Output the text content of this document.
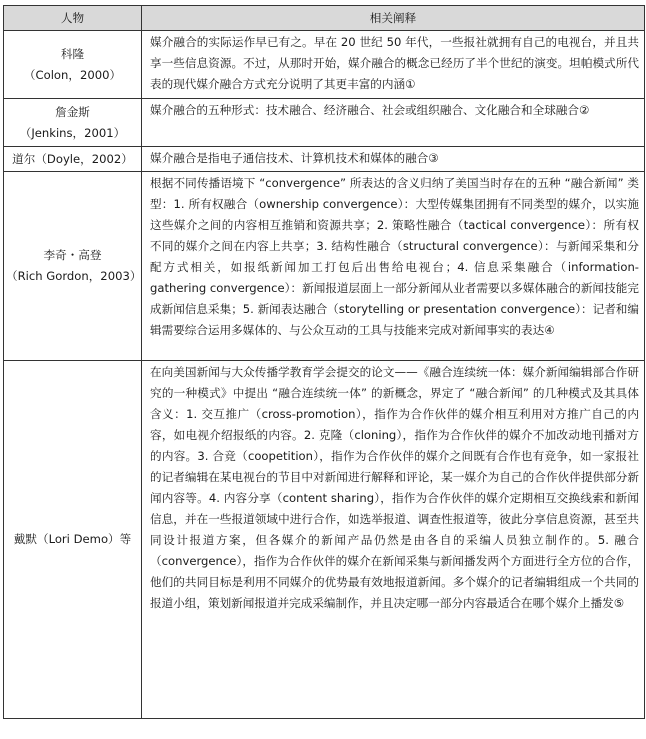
人物	相关阐释

科隆
（Colon，2000）	媒介融合的实际运作早已有之。早在 20 世纪 50 年代，一些报社就拥有自己的电视台，并且共享一些信息资源。不过，从那时开始，媒介融合的概念已经历了半个世纪的演变。坦帕模式所代表的现代媒介融合方式充分说明了其更丰富的内涵①

詹金斯
（Jenkins，2001）	媒介融合的五种形式：技术融合、经济融合、社会或组织融合、文化融合和全球融合②
道尔（Doyle，2002）	媒介融合是指电子通信技术、计算机技术和媒体的融合③

李奇・高登
（Rich Gordon，2003）	根据不同传播语境下 “convergence” 所表达的含义归纳了美国当时存在的五种 “融合新闻” 类型：1. 所有权融合（ownership convergence）：大型传媒集团拥有不同类型的媒介，以实施这些媒介之间的内容相互推销和资源共享；2. 策略性融合（tactical convergence）：所有权不同的媒介之间在内容上共享；3. 结构性融合（structural convergence）：与新闻采集和分配方式相关，如报纸新闻加工打包后出售给电视台；4. 信息采集融合（information-gathering convergence）：新闻报道层面上一部分新闻从业者需要以多媒体融合的新闻技能完成新闻信息采集；5. 新闻表达融合（storytelling or presentation convergence）：记者和编辑需要综合运用多媒体的、与公众互动的工具与技能来完成对新闻事实的表达④
戴默（Lori Demo）等	在向美国新闻与大众传播学教育学会提交的论文——《融合连续统一体：媒介新闻编辑部合作研究的一种模式》中提出 “融合连续统一体” 的新概念，界定了 “融合新闻” 的几种模式及其具体含义：1. 交互推广（cross-promotion），指作为合作伙伴的媒介相互利用对方推广自己的内容，如电视介绍报纸的内容。2. 克隆（cloning），指作为合作伙伴的媒介不加改动地刊播对方的内容。3. 合竞（coopetition），指作为合作伙伴的媒介之间既有合作也有竞争，如一家报社的记者编辑在某电视台的节目中对新闻进行解释和评论，某一媒介为自己的合作伙伴提供部分新闻内容等。4. 内容分享（content sharing），指作为合作伙伴的媒介定期相互交换线索和新闻信息，并在一些报道领域中进行合作，如选举报道、调查性报道等，彼此分享信息资源，甚至共同设计报道方案，但各媒介的新闻产品仍然是由各自的采编人员独立制作的。5. 融合（convergence），指作为合作伙伴的媒介在新闻采集与新闻播发两个方面进行全方位的合作，他们的共同目标是利用不同媒介的优势最有效地报道新闻。多个媒介的记者编辑组成一个共同的报道小组，策划新闻报道并完成采编制作，并且决定哪一部分内容最适合在哪个媒介上播发⑤
